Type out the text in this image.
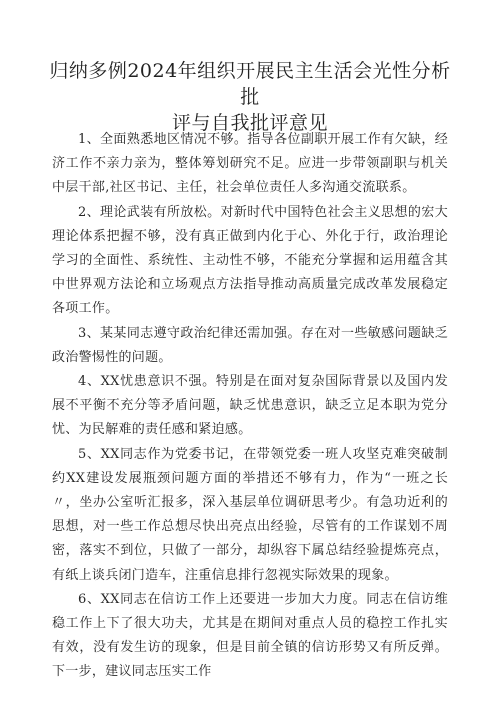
归纳多例2024年组织开展民主生活会光性分析批
评与自我批评意见

1、全面熟悉地区情况不够。指导各位副职开展工作有欠缺，经济工作不亲力亲为，整体筹划研究不足。应进一步带领副职与机关中层干部,社区书记、主任，社会单位责任人多沟通交流联系。

2、理论武装有所放松。对新时代中国特色社会主义思想的宏大理论体系把握不够，没有真正做到内化于心、外化于行，政治理论学习的全面性、系统性、主动性不够，不能充分掌握和运用蕴含其中世界观方法论和立场观点方法指导推动高质量完成改革发展稳定各项工作。

3、某某同志遵守政治纪律还需加强。存在对一些敏感问题缺乏政治警惕性的问题。

4、XX忧患意识不强。特别是在面对复杂国际背景以及国内发展不平衡不充分等矛盾问题，缺乏忧患意识，缺乏立足本职为党分忧、为民解难的责任感和紧迫感。

5、XX同志作为党委书记，在带领党委一班人攻坚克难突破制约XX建设发展瓶颈问题方面的举措还不够有力，作为“一班之长〃，坐办公室听汇报多，深入基层单位调研思考少。有急功近利的思想，对一些工作总想尽快出亮点出经验，尽管有的工作谋划不周密，落实不到位，只做了一部分，却纵容下属总结经验提炼亮点，有纸上谈兵闭门造车，注重信息排行忽视实际效果的现象。

6、XX同志在信访工作上还要进一步加大力度。同志在信访维稳工作上下了很大功夫，尤其是在期间对重点人员的稳控工作扎实有效，没有发生访的现象，但是目前全镇的信访形势又有所反弹。下一步，建议同志压实工作
